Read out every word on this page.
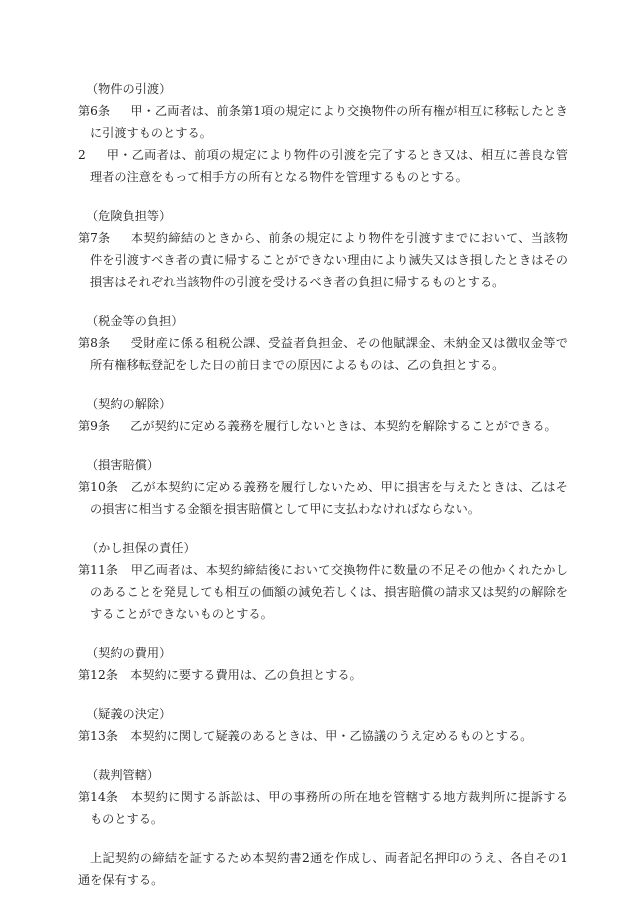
（物件の引渡）

第6条　甲・乙両者は、前条第1項の規定により交換物件の所有権が相互に移転したときに引渡すものとする。

2　甲・乙両者は、前項の規定により物件の引渡を完了するとき又は、相互に善良な管理者の注意をもって相手方の所有となる物件を管理するものとする。

（危険負担等）

第7条　本契約締結のときから、前条の規定により物件を引渡すまでにおいて、当該物件を引渡すべき者の責に帰することができない理由により滅失又はき損したときはその損害はそれぞれ当該物件の引渡を受けるべき者の負担に帰するものとする。

（税金等の負担）

第8条　受財産に係る租税公課、受益者負担金、その他賦課金、未納金又は徴収金等で所有権移転登記をした日の前日までの原因によるものは、乙の負担とする。

（契約の解除）

第9条　乙が契約に定める義務を履行しないときは、本契約を解除することができる。

（損害賠償）

第10条　乙が本契約に定める義務を履行しないため、甲に損害を与えたときは、乙はその損害に相当する金額を損害賠償として甲に支払わなければならない。

（かし担保の責任）

第11条　甲乙両者は、本契約締結後において交換物件に数量の不足その他かくれたかしのあることを発見しても相互の価額の減免若しくは、損害賠償の請求又は契約の解除をすることができないものとする。

（契約の費用）

第12条　本契約に要する費用は、乙の負担とする。

（疑義の決定）

第13条　本契約に関して疑義のあるときは、甲・乙協議のうえ定めるものとする。

（裁判管轄）

第14条　本契約に関する訴訟は、甲の事務所の所在地を管轄する地方裁判所に提訴するものとする。

上記契約の締結を証するため本契約書2通を作成し、両者記名押印のうえ、各自その1通を保有する。
